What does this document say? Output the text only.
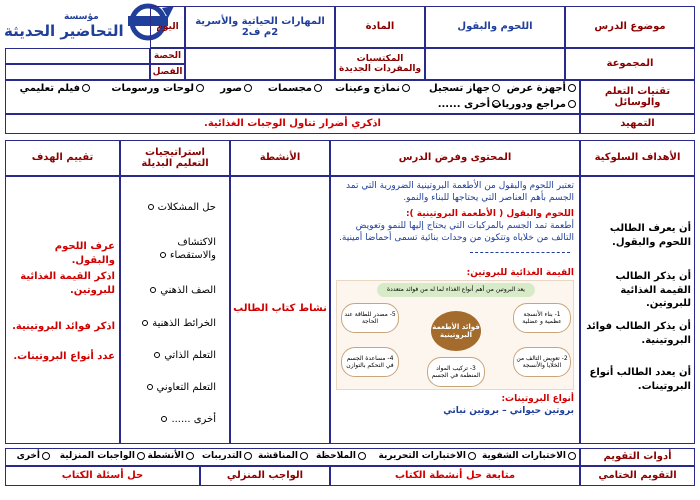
مؤسسة
التحاضير الحديثة	موضوع الدرس
اللحوم والبقول
المادة
المهارات الحياتية والأسرية 2م ف2
اليوم
المجموعة
المكتسبات والمفردات الجديدة
الحصة
الفصل
تقنيات التعلم والوسائل
أجهزة عرض
جهاز تسجيل
نماذج وعينات
مجسمات
صور
لوحات ورسومات
فيلم تعليمي
مراجع ودوريات
أخرى ......
التمهيد
اذكري أضرار تناول الوجبات الغذائية.
الأهداف السلوكية
المحتوى وفرض الدرس
الأنشطة
استراتيجيات التعليم البديلة
تقييم الهدف
أن يعرف الطالب اللحوم والبقول.
أن يذكر الطالب القيمة الغذائية للبروتين.
أن يذكر الطالب فوائد البروتينية.
أن يعدد الطالب أنواع البروتينات.
تعتبر اللحوم والبقول من الأطعمة البروتينية الضرورية التي تمد الجسم بأهم العناصر التي يحتاجها للبناء والنمو.
اللحوم والبقول ( الأطعمة البروتينية ):
أطعمة تمد الجسم بالمركبات التي يحتاج إليها للنمو وتعويض التالف من خلاياه وتتكون من وحدات بنائية تسمى أحماضا أمينية.
القيمة الغذائية للبروتين:
يعد البروتين من أهم أنواع الغذاء لما له من فوائد متعددة
فوائد الأطعمة البروتينية
1- بناء الأنسجة عظمية و عضلية
2- تعويض التالف من الخلايا والأنسجة
3- تركيب المواد المنظمة في الجسم
4- مساعدة الجسم في التحكم بالتوازن
5- مصدر للطاقة عند الحاجة
أنواع البروتينات:
بروتين حيواني – بروتين نباتي
نشاط كتاب الطالب
حل المشكلات
الاكتشاف والاستقصاء
الصف الذهني
الخرائط الذهنية
التعلم الذاتي
التعلم التعاوني
أخرى ......
عرف اللحوم والبقول.
اذكر القيمة الغذائية للبروتين.
اذكر فوائد البروتينية.
عدد أنواع البروتينات.
أدوات التقويم
الاختبارات الشفوية
الاختبارات التحريرية
الملاحظة
المناقشة
التدريبات
الأنشطة
الواجبات المنزلية
أخرى
التقويم الختامي
متابعة حل أنشطة الكتاب
الواجب المنزلي
حل أسئلة الكتاب
